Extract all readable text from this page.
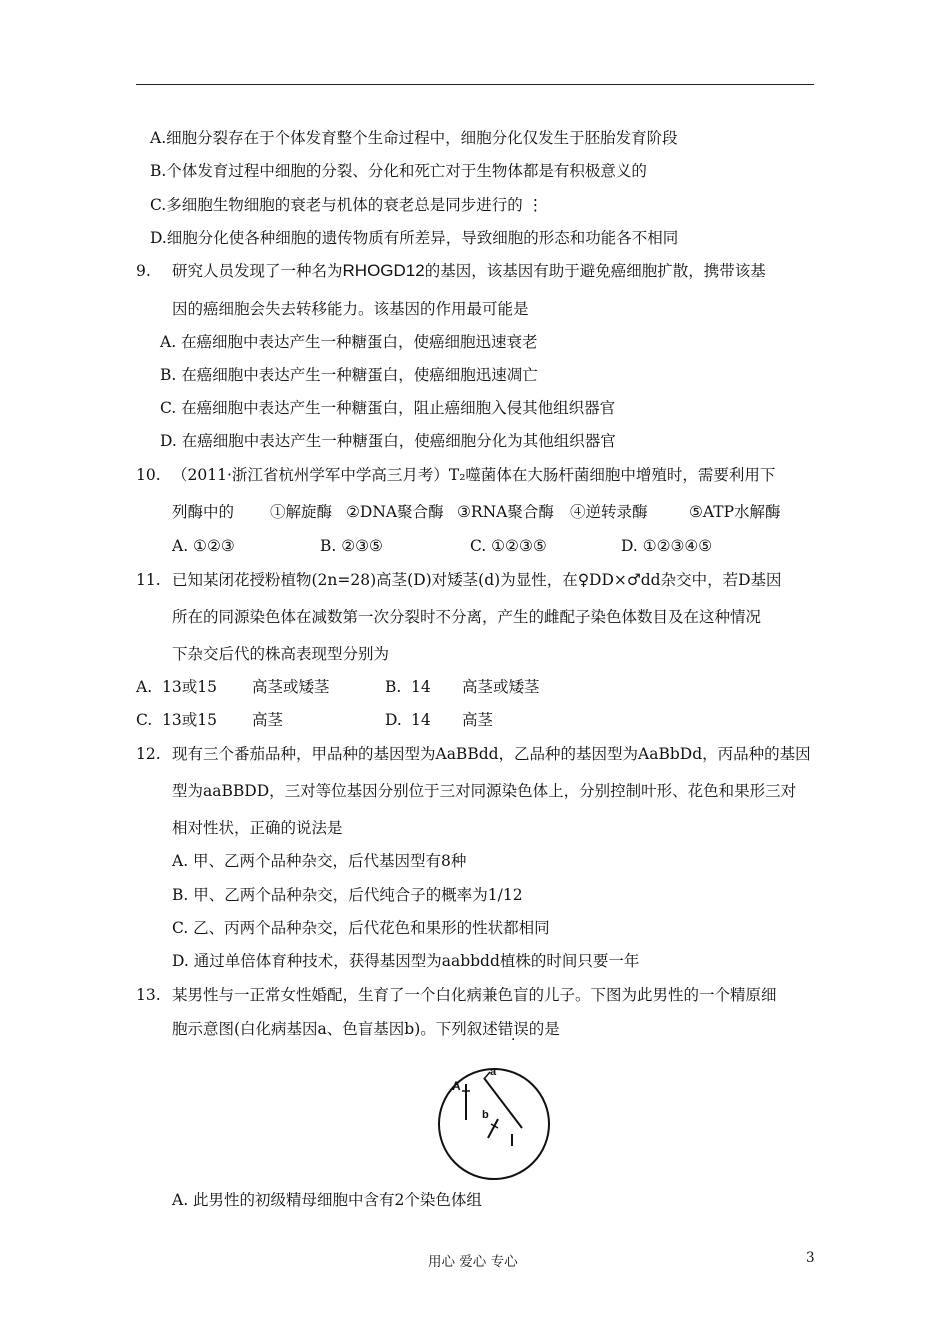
A.细胞分裂存在于个体发育整个生命过程中，细胞分化仅发生于胚胎发育阶段
B.个体发育过程中细胞的分裂、分化和死亡对于生物体都是有积极意义的
C.多细胞生物细胞的衰老与机体的衰老总是同步进行的 ⋮
D.细胞分化使各种细胞的遗传物质有所差异，导致细胞的形态和功能各不相同
9. 研究人员发现了一种名为RHOGD12的基因，该基因有助于避免癌细胞扩散，携带该基
因的癌细胞会失去转移能力。该基因的作用最可能是
A. 在癌细胞中表达产生一种糖蛋白，使癌细胞迅速衰老
B. 在癌细胞中表达产生一种糖蛋白，使癌细胞迅速凋亡
C. 在癌细胞中表达产生一种糖蛋白，阻止癌细胞入侵其他组织器官
D. 在癌细胞中表达产生一种糖蛋白，使癌细胞分化为其他组织器官
10. （2011·浙江省杭州学军中学高三月考）T₂噬菌体在大肠杆菌细胞中增殖时，需要利用下
列酶中的 ①解旋酶 ②DNA聚合酶 ③RNA聚合酶 ④逆转录酶	⑤ATP水解酶
A. ①②③	B. ②③⑤	C. ①②③⑤	D. ①②③④⑤
11. 已知某闭花授粉植物(2n=28)高茎(D)对矮茎(d)为显性，在♀DD×♂dd杂交中，若D基因
所在的同源染色体在减数第一次分裂时不分离，产生的雌配子染色体数目及在这种情况
下杂交后代的株高表现型分别为
A. 13或15 高茎或矮茎	B. 14 高茎或矮茎
C. 13或15 高茎	D. 14 高茎
12. 现有三个番茄品种，甲品种的基因型为AaBBdd，乙品种的基因型为AaBbDd，丙品种的基因
型为aaBBDD，三对等位基因分别位于三对同源染色体上，分别控制叶形、花色和果形三对
相对性状，正确的说法是
A. 甲、乙两个品种杂交，后代基因型有8种
B. 甲、乙两个品种杂交，后代纯合子的概率为1/12
C. 乙、丙两个品种杂交，后代花色和果形的性状都相同
D. 通过单倍体育种技术，获得基因型为aabbdd植株的时间只要一年
13. 某男性与一正常女性婚配，生育了一个白化病兼色盲的儿子。下图为此男性的一个精原细
胞示意图(白化病基因a、色盲基因b)。下列叙述错误的是
A
a
b
A. 此男性的初级精母细胞中含有2个染色体组
用心 爱心 专心	3
